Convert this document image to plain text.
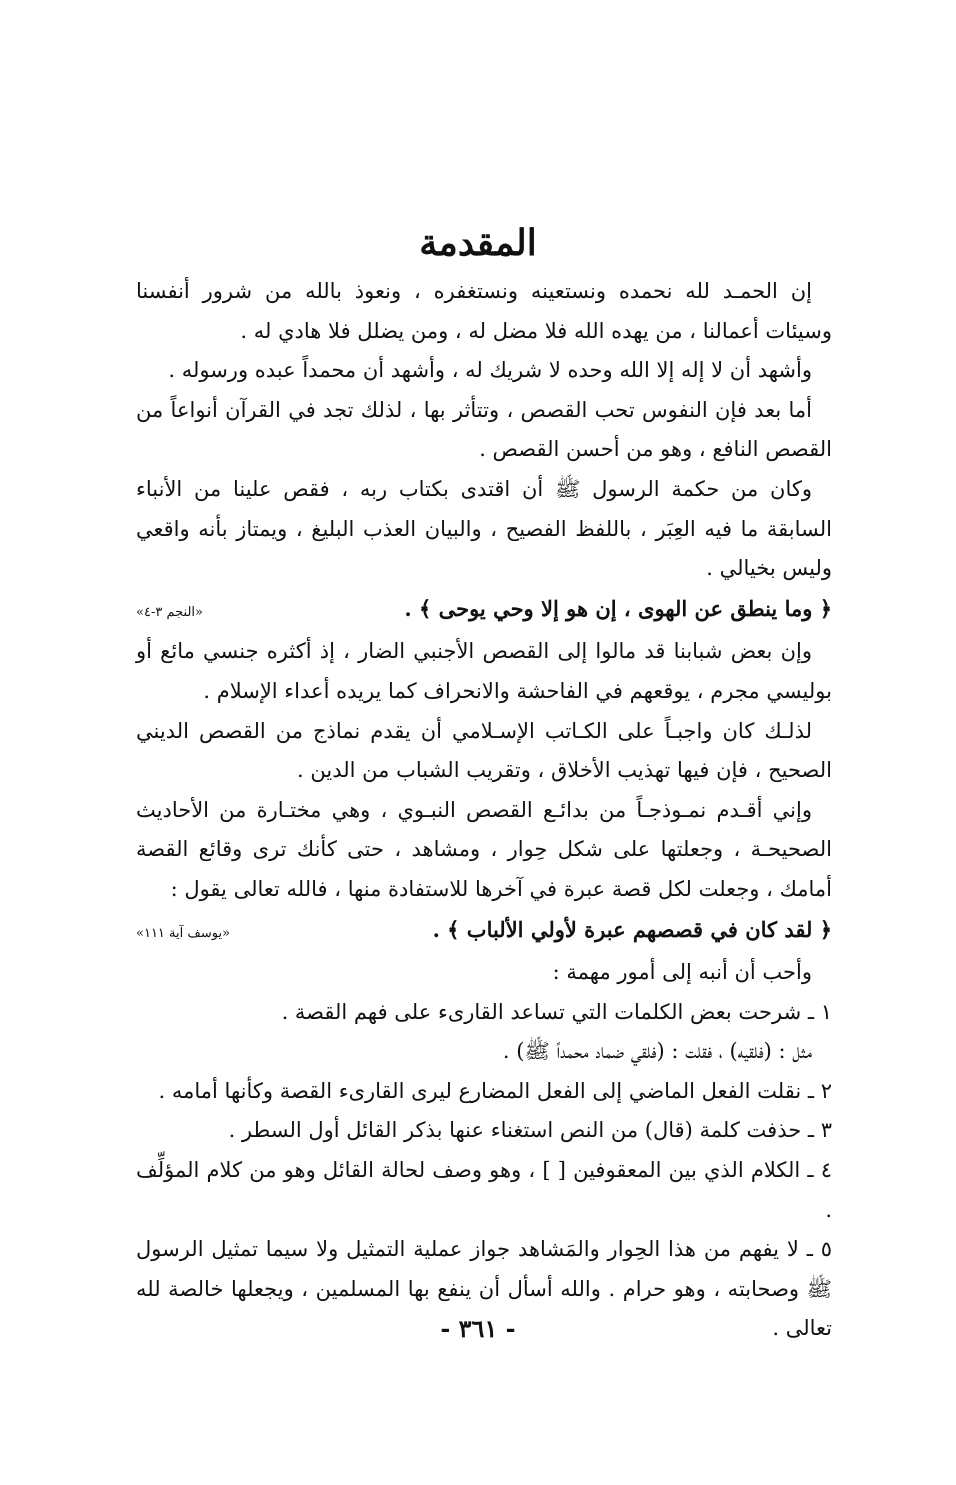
المقدمة

إن الحمـد لله نحمده ونستعينه ونستغفره ، ونعوذ بالله من شرور أنفسنا وسيئات أعمالنا ، من يهده الله فلا مضل له ، ومن يضلل فلا هادي له .

وأشهد أن لا إله إلا الله وحده لا شريك له ، وأشهد أن محمداً عبده ورسوله .

أما بعد فإن النفوس تحب القصص ، وتتأثر بها ، لذلك تجد في القرآن أنواعاً من القصص النافع ، وهو من أحسن القصص .

وكان من حكمة الرسول ﷺ أن اقتدى بكتاب ربه ، فقص علينا من الأنباء السابقة ما فيه العِبَر ، باللفظ الفصيح ، والبيان العذب البليغ ، ويمتاز بأنه واقعي وليس بخيالي .

﴿ وما ينطق عن الهوى ، إن هو إلا وحي يوحى ﴾ .
«النجم ٣-٤»

وإن بعض شبابنا قد مالوا إلى القصص الأجنبي الضار ، إذ أكثره جنسي مائع أو بوليسي مجرم ، يوقعهم في الفاحشة والانحراف كما يريده أعداء الإسلام .

لذلـك كان واجبـاً على الكـاتب الإسـلامي أن يقدم نماذج من القصص الديني الصحيح ، فإن فيها تهذيب الأخلاق ، وتقريب الشباب من الدين .

وإني أقـدم نمـوذجـاً من بدائـع القصص النبـوي ، وهي مختـارة من الأحاديث الصحيحـة ، وجعلتها على شكل حِوار ، ومشاهد ، حتى كأنك ترى وقائع القصة أمامك ، وجعلت لكل قصة عبرة في آخرها للاستفادة منها ، فالله تعالى يقول :

﴿ لقد كان في قصصهم عبرة لأولي الألباب ﴾ .
«يوسف آية ١١١»

وأحب أن أنبه إلى أمور مهمة :

١ ـ شرحت بعض الكلمات التي تساعد القارىء على فهم القصة .

مثل : (فلقيه) ، فقلت : (فلقي ضماد محمداً ﷺ) .

٢ ـ نقلت الفعل الماضي إلى الفعل المضارع ليرى القارىء القصة وكأنها أمامه .

٣ ـ حذفت كلمة (قال) من النص استغناء عنها بذكر القائل أول السطر .

٤ ـ الكلام الذي بين المعقوفين [ ] ، وهو وصف لحالة القائل وهو من كلام المؤلِّف .

٥ ـ لا يفهم من هذا الحِوار والمَشاهد جواز عملية التمثيل ولا سيما تمثيل الرسول ﷺ وصحابته ، وهو حرام . والله أسأل أن ينفع بها المسلمين ، ويجعلها خالصة لله تعالى .

- ٣٦١ -
